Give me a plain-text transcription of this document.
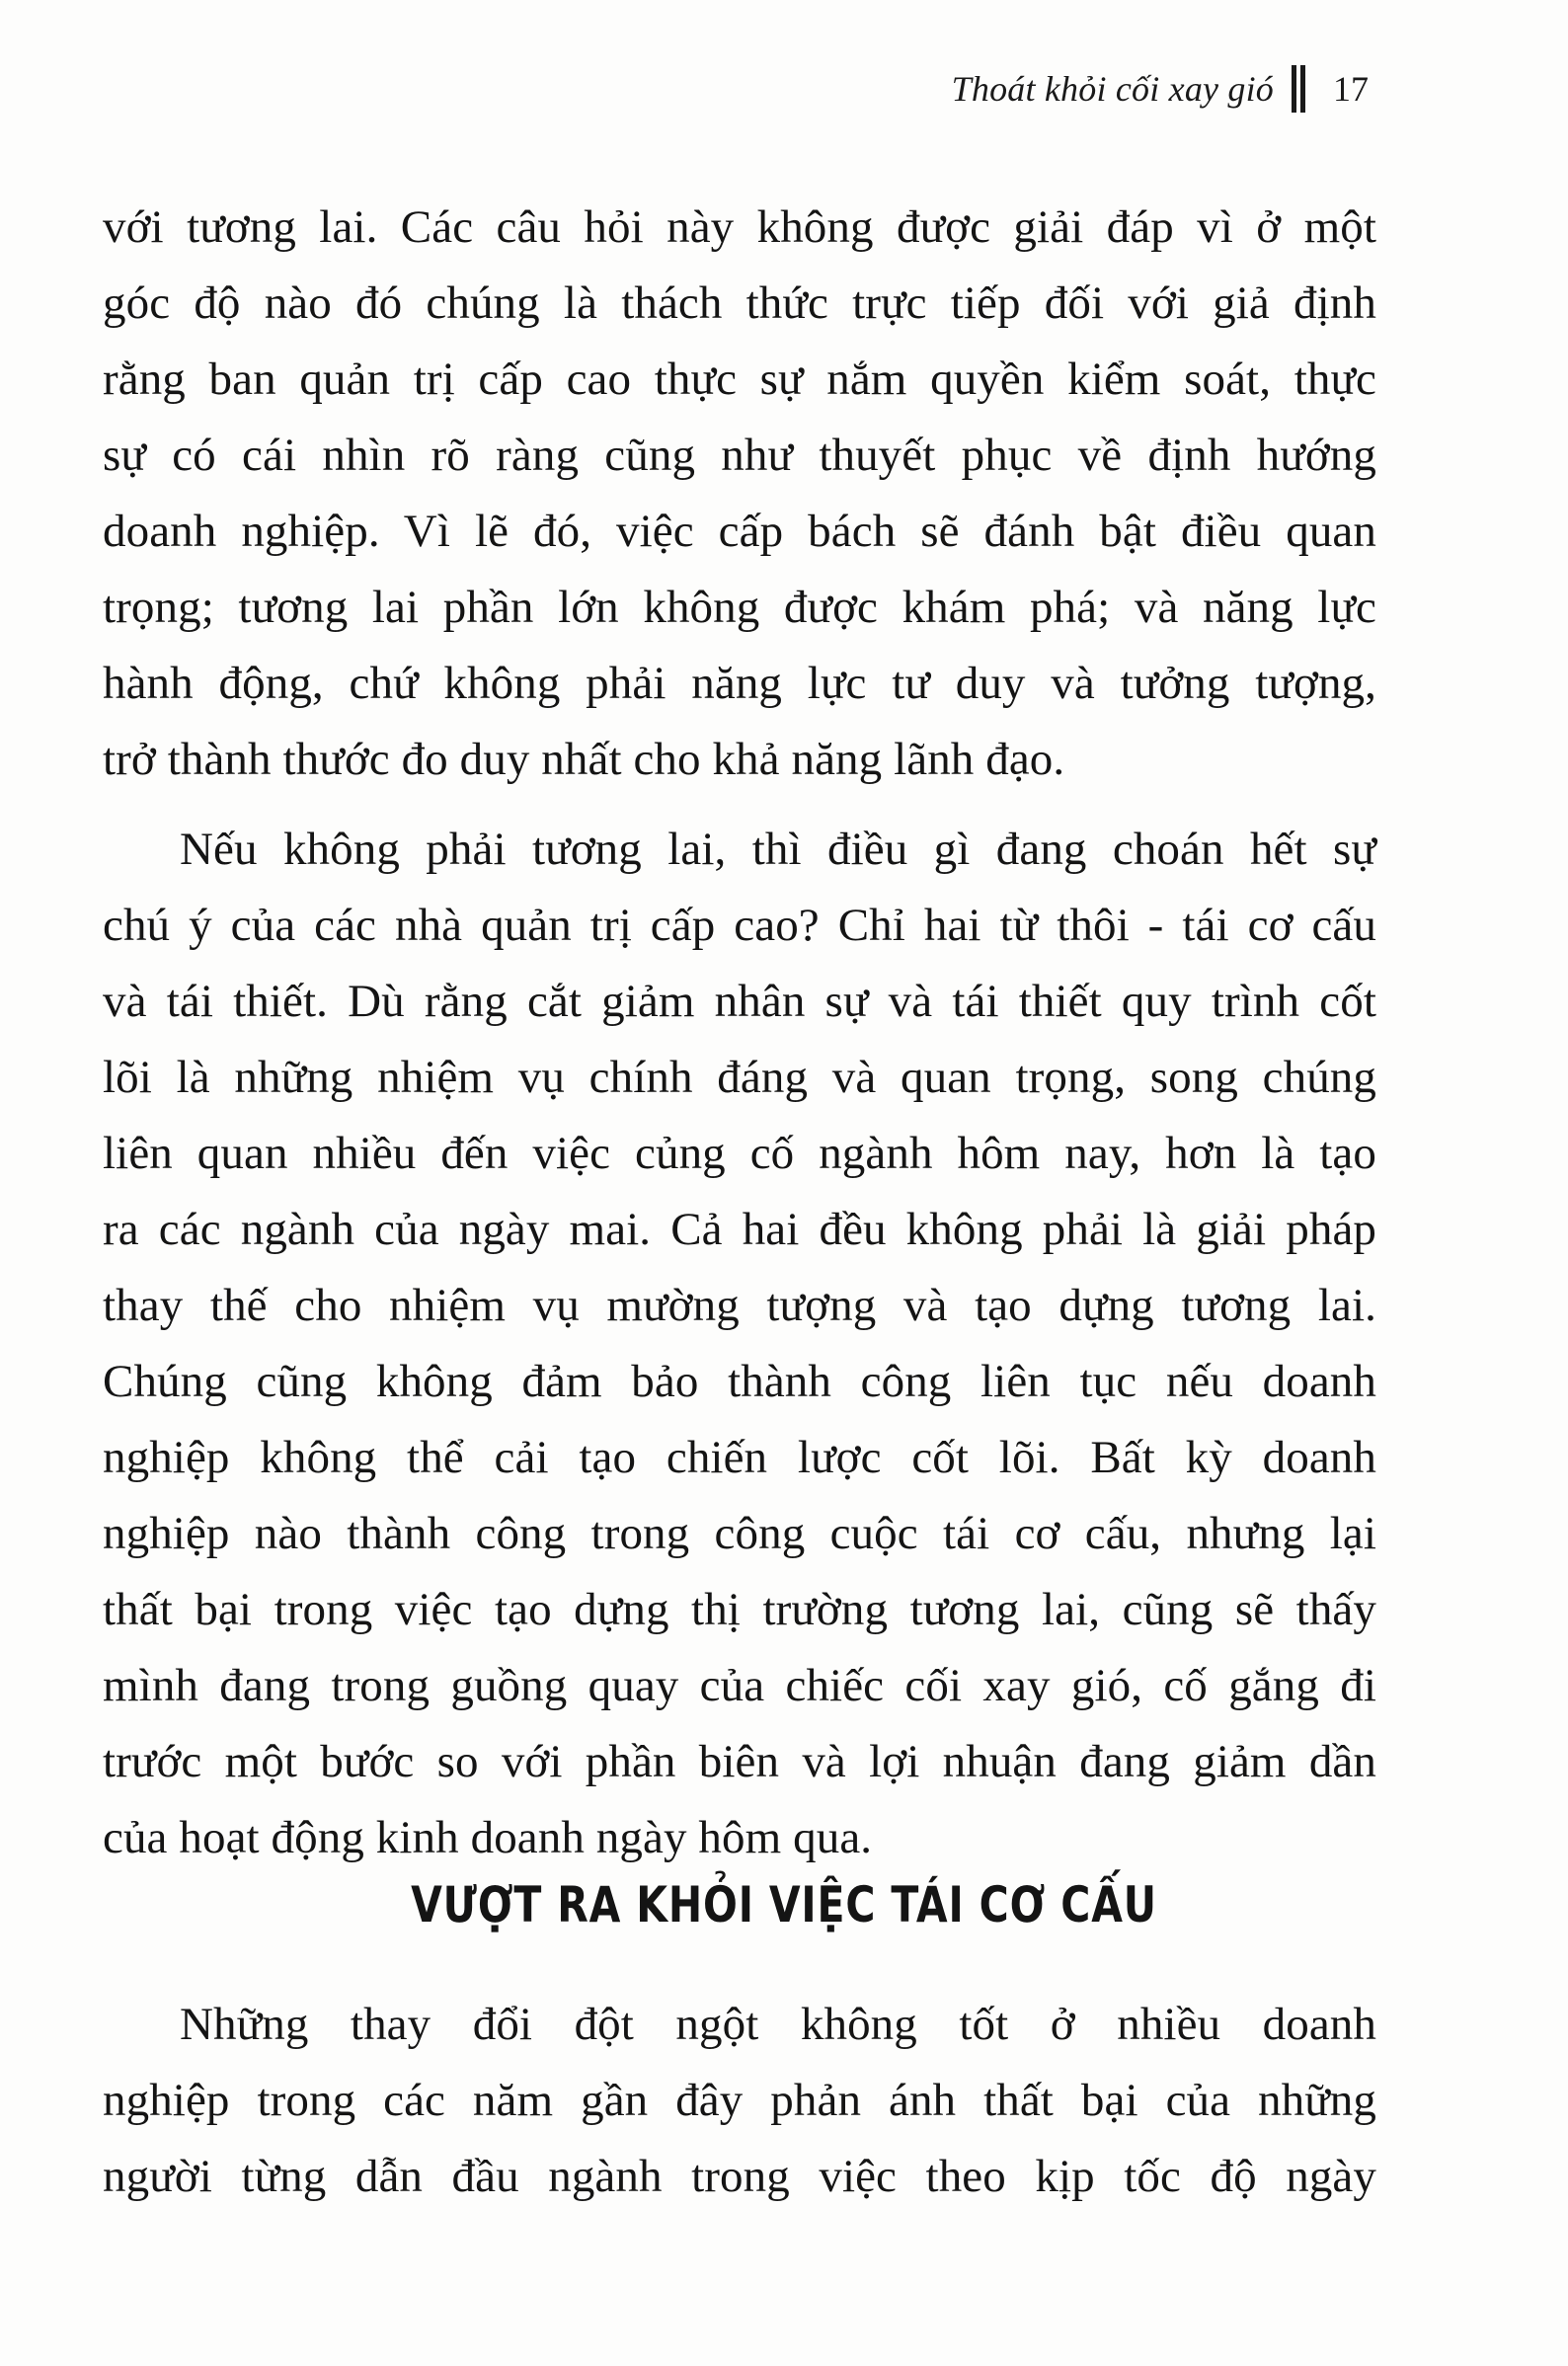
Thoát khỏi cối xay gió 17
với tương lai. Các câu hỏi này không được giải đáp vì ở một
góc độ nào đó chúng là thách thức trực tiếp đối với giả định
rằng ban quản trị cấp cao thực sự nắm quyền kiểm soát, thực
sự có cái nhìn rõ ràng cũng như thuyết phục về định hướng
doanh nghiệp. Vì lẽ đó, việc cấp bách sẽ đánh bật điều quan
trọng; tương lai phần lớn không được khám phá; và năng lực
hành động, chứ không phải năng lực tư duy và tưởng tượng,
trở thành thước đo duy nhất cho khả năng lãnh đạo.
Nếu không phải tương lai, thì điều gì đang choán hết sự
chú ý của các nhà quản trị cấp cao? Chỉ hai từ thôi - tái cơ cấu
và tái thiết. Dù rằng cắt giảm nhân sự và tái thiết quy trình cốt
lõi là những nhiệm vụ chính đáng và quan trọng, song chúng
liên quan nhiều đến việc củng cố ngành hôm nay, hơn là tạo
ra các ngành của ngày mai. Cả hai đều không phải là giải pháp
thay thế cho nhiệm vụ mường tượng và tạo dựng tương lai.
Chúng cũng không đảm bảo thành công liên tục nếu doanh
nghiệp không thể cải tạo chiến lược cốt lõi. Bất kỳ doanh
nghiệp nào thành công trong công cuộc tái cơ cấu, nhưng lại
thất bại trong việc tạo dựng thị trường tương lai, cũng sẽ thấy
mình đang trong guồng quay của chiếc cối xay gió, cố gắng đi
trước một bước so với phần biên và lợi nhuận đang giảm dần
của hoạt động kinh doanh ngày hôm qua.
VƯỢT RA KHỎI VIỆC TÁI CƠ CẤU
Những thay đổi đột ngột không tốt ở nhiều doanh
nghiệp trong các năm gần đây phản ánh thất bại của những
người từng dẫn đầu ngành trong việc theo kịp tốc độ ngày
